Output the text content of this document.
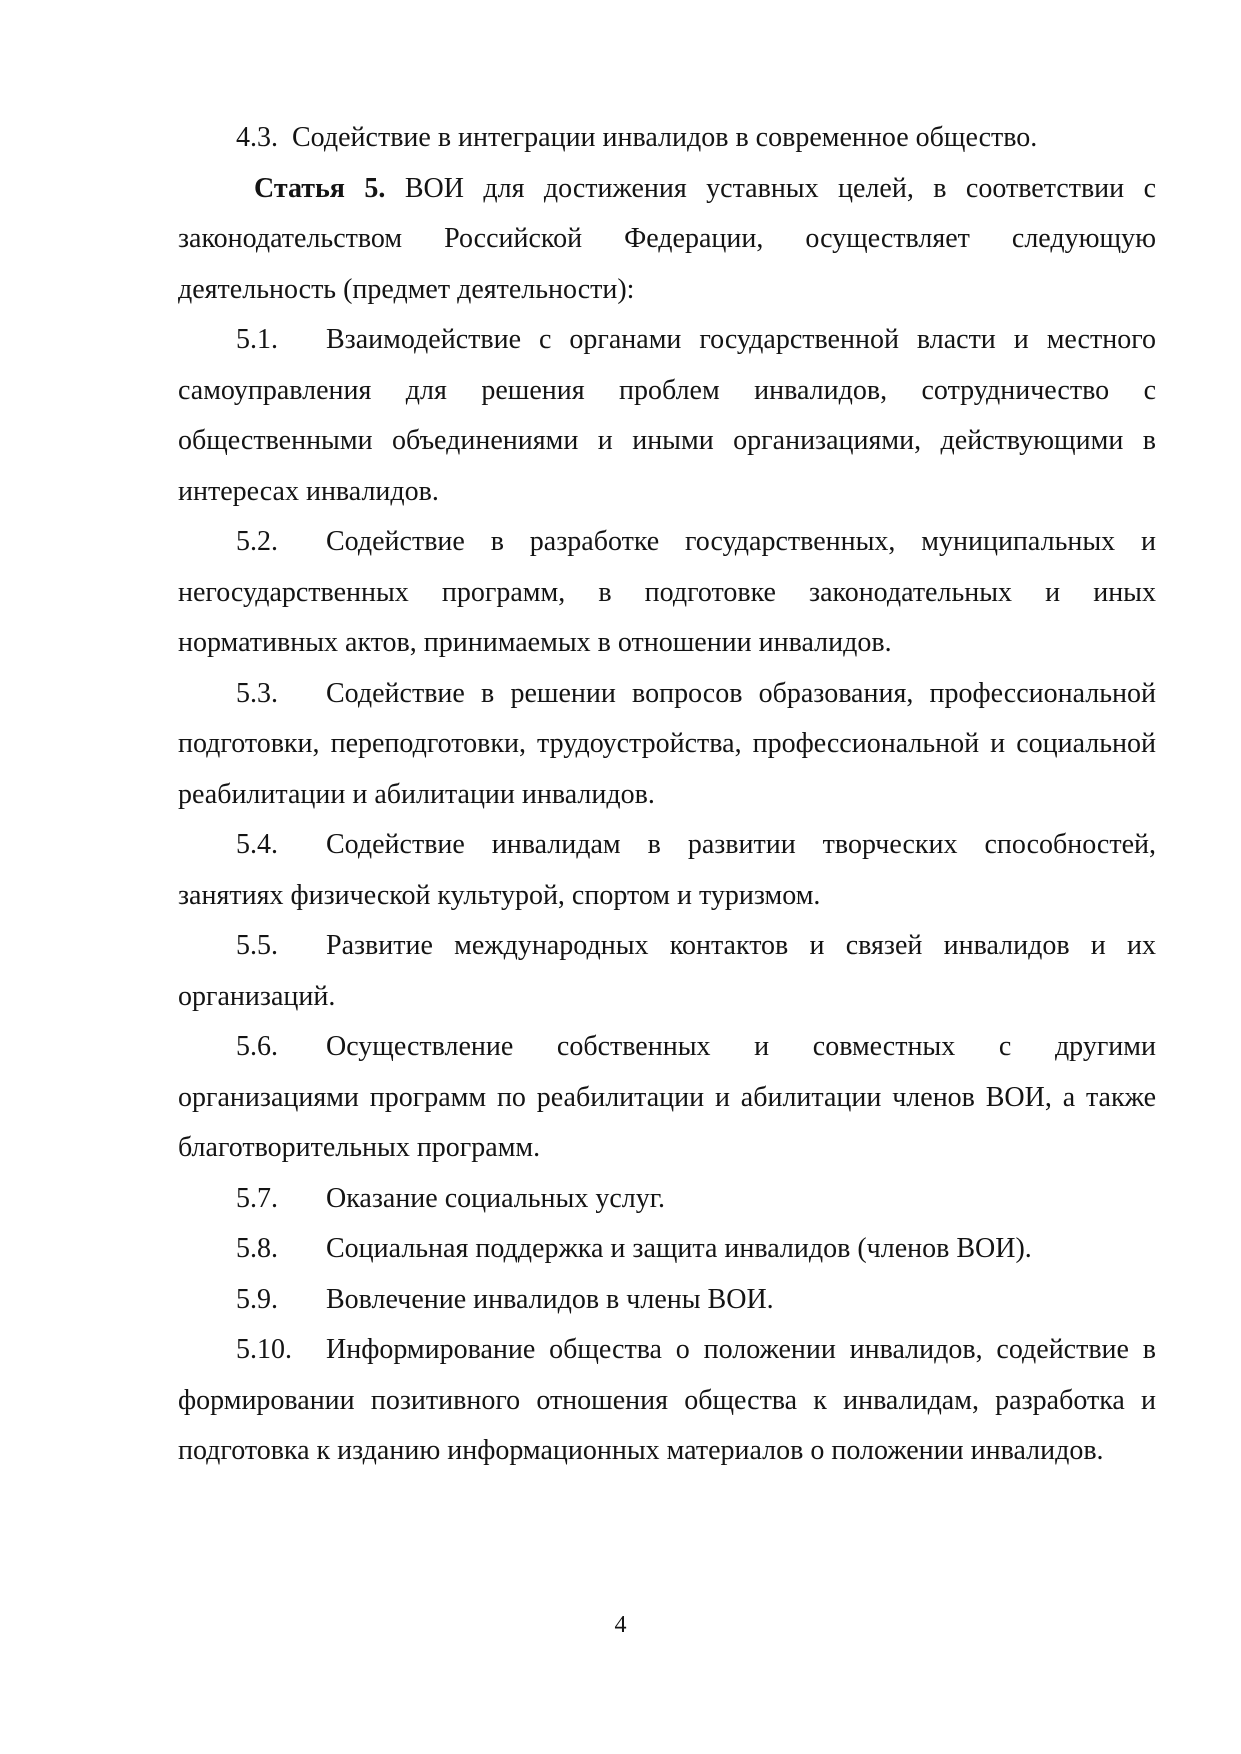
4.3. Содействие в интеграции инвалидов в современное общество.

Статья 5. ВОИ для достижения уставных целей, в соответствии с законодательством Российской Федерации, осуществляет следующую деятельность (предмет деятельности):

5.1. Взаимодействие с органами государственной власти и местного самоуправления для решения проблем инвалидов, сотрудничество с общественными объединениями и иными организациями, действующими в интересах инвалидов.

5.2. Содействие в разработке государственных, муниципальных и негосударственных программ, в подготовке законодательных и иных нормативных актов, принимаемых в отношении инвалидов.

5.3. Содействие в решении вопросов образования, профессиональной подготовки, переподготовки, трудоустройства, профессиональной и социальной реабилитации и абилитации инвалидов.

5.4. Содействие инвалидам в развитии творческих способностей, занятиях физической культурой, спортом и туризмом.

5.5. Развитие международных контактов и связей инвалидов и их организаций.

5.6. Осуществление собственных и совместных с другими организациями программ по реабилитации и абилитации членов ВОИ, а также благотворительных программ.

5.7. Оказание социальных услуг.

5.8. Социальная поддержка и защита инвалидов (членов ВОИ).

5.9. Вовлечение инвалидов в члены ВОИ.

5.10. Информирование общества о положении инвалидов, содействие в формировании позитивного отношения общества к инвалидам, разработка и подготовка к изданию информационных материалов о положении инвалидов.

4
